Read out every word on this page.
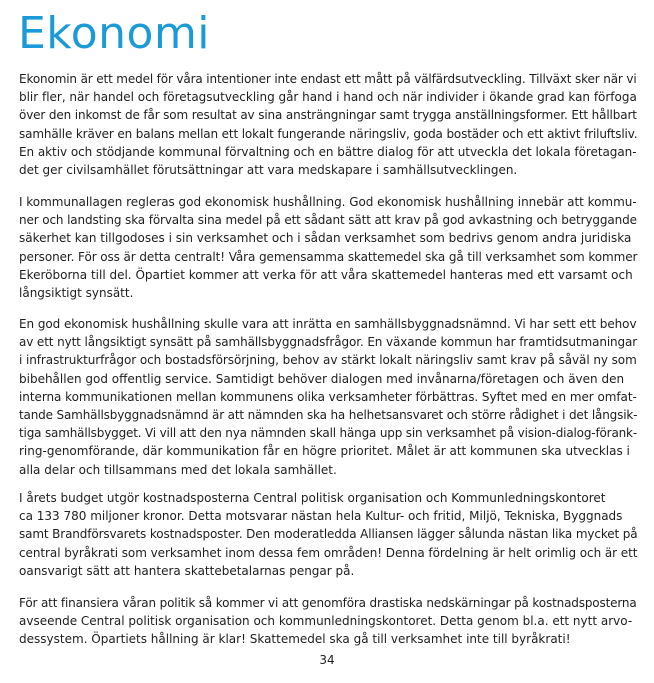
Ekonomi

Ekonomin är ett medel för våra intentioner inte endast ett mått på välfärdsutveckling. Tillväxt sker när vi
blir fler, när handel och företagsutveckling går hand i hand och när individer i ökande grad kan förfoga
över den inkomst de får som resultat av sina ansträngningar samt trygga anställningsformer. Ett hållbart
samhälle kräver en balans mellan ett lokalt fungerande näringsliv, goda bostäder och ett aktivt friluftsliv.
En aktiv och stödjande kommunal förvaltning och en bättre dialog för att utveckla det lokala företagan-
det ger civilsamhället förutsättningar att vara medskapare i samhällsutvecklingen.

I kommunallagen regleras god ekonomisk hushållning. God ekonomisk hushållning innebär att kommu-
ner och landsting ska förvalta sina medel på ett sådant sätt att krav på god avkastning och betryggande
säkerhet kan tillgodoses i sin verksamhet och i sådan verksamhet som bedrivs genom andra juridiska
personer. För oss är detta centralt! Våra gemensamma skattemedel ska gå till verksamhet som kommer
Ekeröborna till del. Öpartiet kommer att verka för att våra skattemedel hanteras med ett varsamt och
långsiktigt synsätt.

En god ekonomisk hushållning skulle vara att inrätta en samhällsbyggnadsnämnd. Vi har sett ett behov
av ett nytt långsiktigt synsätt på samhällsbyggnadsfrågor. En växande kommun har framtidsutmaningar
i infrastrukturfrågor och bostadsförsörjning, behov av stärkt lokalt näringsliv samt krav på såväl ny som
bibehållen god offentlig service. Samtidigt behöver dialogen med invånarna/företagen och även den
interna kommunikationen mellan kommunens olika verksamheter förbättras. Syftet med en mer omfat-
tande Samhällsbyggnadsnämnd är att nämnden ska ha helhetsansvaret och större rådighet i det långsik-
tiga samhällsbygget. Vi vill att den nya nämnden skall hänga upp sin verksamhet på vision-dialog-förank-
ring-genomförande, där kommunikation får en högre prioritet. Målet är att kommunen ska utvecklas i
alla delar och tillsammans med det lokala samhället.

I årets budget utgör kostnadsposterna Central politisk organisation och Kommunledningskontoret
ca 133 780 miljoner kronor. Detta motsvarar nästan hela Kultur- och fritid, Miljö, Tekniska, Byggnads
samt Brandförsvarets kostnadsposter. Den moderatledda Alliansen lägger sålunda nästan lika mycket på
central byråkrati som verksamhet inom dessa fem områden! Denna fördelning är helt orimlig och är ett
oansvarigt sätt att hantera skattebetalarnas pengar på.

För att finansiera våran politik så kommer vi att genomföra drastiska nedskärningar på kostnadsposterna
avseende Central politisk organisation och kommunledningskontoret. Detta genom bl.a. ett nytt arvo-
dessystem. Öpartiets hållning är klar! Skattemedel ska gå till verksamhet inte till byråkrati!

34
